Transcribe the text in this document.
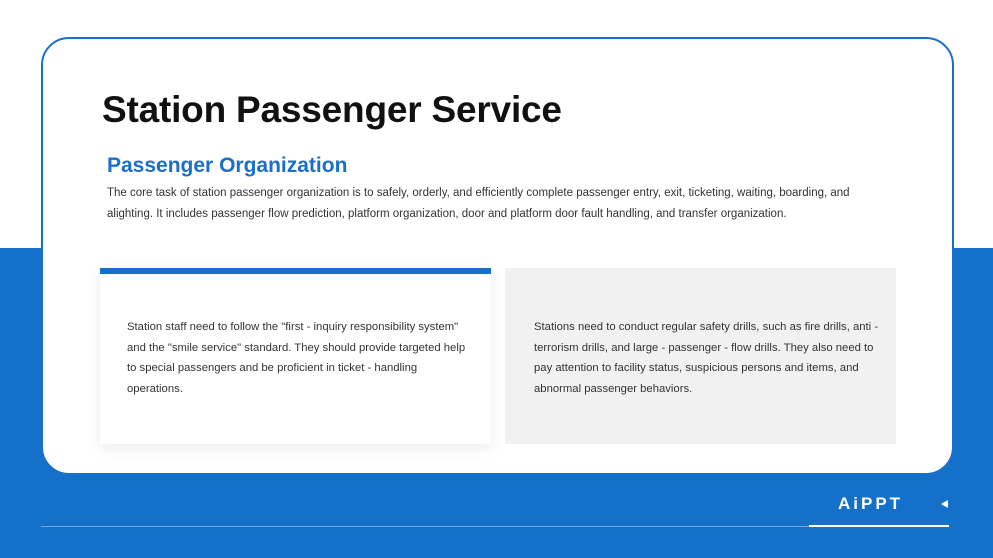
Station Passenger Service
Passenger Organization

The core task of station passenger organization is to safely, orderly, and efficiently complete passenger entry, exit, ticketing, waiting, boarding, and alighting. It includes passenger flow prediction, platform organization, door and platform door fault handling, and transfer organization.

Station staff need to follow the "first - inquiry responsibility system" and the "smile service" standard. They should provide targeted help to special passengers and be proficient in ticket - handling operations.

Stations need to conduct regular safety drills, such as fire drills, anti - terrorism drills, and large - passenger - flow drills. They also need to pay attention to facility status, suspicious persons and items, and abnormal passenger behaviors.

AiPPT
